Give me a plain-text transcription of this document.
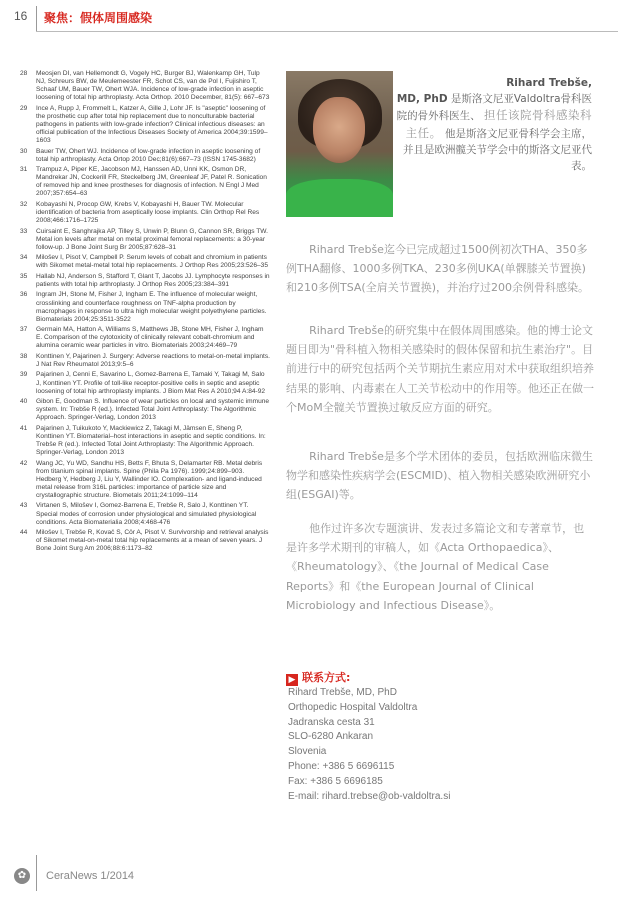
16 聚焦：假体周围感染
28 Meosjen DI, van Hellemondt G, Vogely HC, Burger BJ, Walenkamp GH, Tulp NJ, Schreurs BW, de Meulemeester FR, Schot CS, van de Pol I, Fujishiro T, Schaaf UM, Bauer TW, Ohert WJA. Incidence of low-grade infection in aseptic loosening of total hip arthroplasty. Acta Orthop. 2010 December, 81(5): 667–673
29 Ince A, Rupp J, Frommelt L, Katzer A, Gille J, Lohr JF. Is "aseptic" loosening of the prosthetic cup after total hip replacement due to nonculturable bacterial pathogens in patients with low-grade infection? Clinical infectious diseases: an official publication of the Infectious Diseases Society of America 2004;39:1599–1603
30 Bauer TW, Ohert WJ. Incidence of low-grade infection in aseptic loosening of total hip arthroplasty. Acta Ortop 2010 Dec;81(6):667–73 (ISSN 1745-3682)
31 Trampuz A, Piper KE, Jacobson MJ, Hanssen AD, Unni KK, Osmon DR, Mandrekar JN, Cockerill FR, Steckelberg JM, Greenleaf JF, Patel R. Sonication of removed hip and knee prostheses for diagnosis of infection. N Engl J Med 2007;357:654–63
32 Kobayashi N, Procop GW, Krebs V, Kobayashi H, Bauer TW. Molecular identification of bacteria from aseptically loose implants. Clin Orthop Rel Res 2008;466:1716–1725
33 Cuirsaint E, Sanghrajka AP, Tilley S, Unwin P, Blunn G, Cannon SR, Briggs TW. Metal ion levels after metal on metal proximal femoral replacements: a 30-year follow-up. J Bone Joint Surg Br 2005;87:628–31
34 Milošev I, Pisot V, Campbell P. Serum levels of cobalt and chromium in patients with Sikomet metal-metal total hip replacements. J Orthop Res 2005;23:526–35
35 Hallab NJ, Anderson S, Stafford T, Glant T, Jacobs JJ. Lymphocyte responses in patients with total hip arthroplasty. J Orthop Res 2005;23:384–391
36 Ingram JH, Stone M, Fisher J, Ingham E. The influence of molecular weight, crosslinking and counterface roughness on TNF-alpha production by macrophages in response to ultra high molecular weight polyethylene particles. Biomaterials 2004;25:3511-3522
37 Germain MA, Hatton A, Williams S, Matthews JB, Stone MH, Fisher J, Ingham E. Comparison of the cytotoxicity of clinically relevant cobalt-chromium and alumina ceramic wear particles in vitro. Biomaterials 2003;24:469–79
38 Konttinen Y, Pajarinen J. Surgery: Adverse reactions to metal-on-metal implants. J Nat Rev Rheumatol 2013;9:5–6
39 Pajarinen J, Cenni E, Savarino L, Gomez-Barrena E, Tamaki Y, Takagi M, Salo J, Konttinen YT. Profile of toll-like receptor-positive cells in septic and aseptic loosening of total hip arthroplasty implants. J Biom Mat Res A 2010;94 A:84-92
40 Gibon E, Goodman S. Influence of wear particles on local and systemic immune system. In: Trebše R (ed.). Infected Total Joint Arthroplasty: The Algorithmic Approach. Springer-Verlag, London 2013
41 Pajarinen J, Tuikukoto Y, Mackiewicz Z, Takagi M, Jämsen E, Sheng P, Konttinen YT. Biomaterial–host interactions in aseptic and septic conditions. In: Trebše R (ed.). Infected Total Joint Arthroplasty: The Algorithmic Approach. Springer-Verlag, London 2013
42 Wang JC, Yu WD, Sandhu HS, Betts F, Bhuta S, Delamarter RB. Metal debris from titanium spinal implants. Spine (Phila Pa 1976). 1999;24:899–903. Hedberg Y, Hedberg J, Liu Y, Wallinder IO. Complexation- and ligand-induced metal release from 316L particles: importance of particle size and crystallographic structure. Biometals 2011;24:1099–114
43 Virtanen S, Milošev I, Gomez-Barrena E, Trebše R, Salo J, Konttinen YT. Special modes of corrosion under physiological and simulated physiological conditions. Acta Biomaterialia 2008;4:468-476
44 Milošev I, Trebše R, Kovač S, Cör A, Pisot V. Survivorship and retrieval analysis of Sikomet metal-on-metal total hip replacements at a mean of seven years. J Bone Joint Surg Am 2006;88:6:1173–82
Rihard Trebše,
MD, PhD 是斯洛文尼亚Valdoltra骨科医院的骨外科医生、 担任该院骨科感染科主任。 他是斯洛文尼亚骨科学会主席，并且是欧洲髋关节学会中的斯洛文尼亚代表。

Rihard Trebše迄今已完成超过1500例初次THA、350多例THA翻修、1000多例TKA、230多例UKA(单髁膝关节置换)和210多例TSA(全肩关节置换)，并治疗过200余例骨科感染。

Rihard Trebše的研究集中在假体周围感染。他的博士论文题目即为"骨科植入物相关感染时的假体保留和抗生素治疗"。目前进行中的研究包括两个关节期抗生素应用对术中获取组织培养结果的影响、内毒素在人工关节松动中的作用等。他还正在做一个MoM全髋关节置换过敏反应方面的研究。

Rihard Trebše是多个学术团体的委员，包括欧洲临床微生物学和感染性疾病学会(ESCMID)、植入物相关感染欧洲研究小组(ESGAI)等。

他作过许多次专题演讲、发表过多篇论文和专著章节，也是许多学术期刊的审稿人，如《Acta Orthopaedica》、《Rheumatology》、《the Journal of Medical Case Reports》和《the European Journal of Clinical Microbiology and Infectious Disease》。

▶ 联系方式:
Rihard Trebše, MD, PhD
Orthopedic Hospital Valdoltra
Jadranska cesta 31
SLO-6280 Ankaran
Slovenia
Phone: +386 5 6696115
Fax: +386 5 6696185
E-mail: rihard.trebse@ob-valdoltra.si
✿	CeraNews 1/2014
